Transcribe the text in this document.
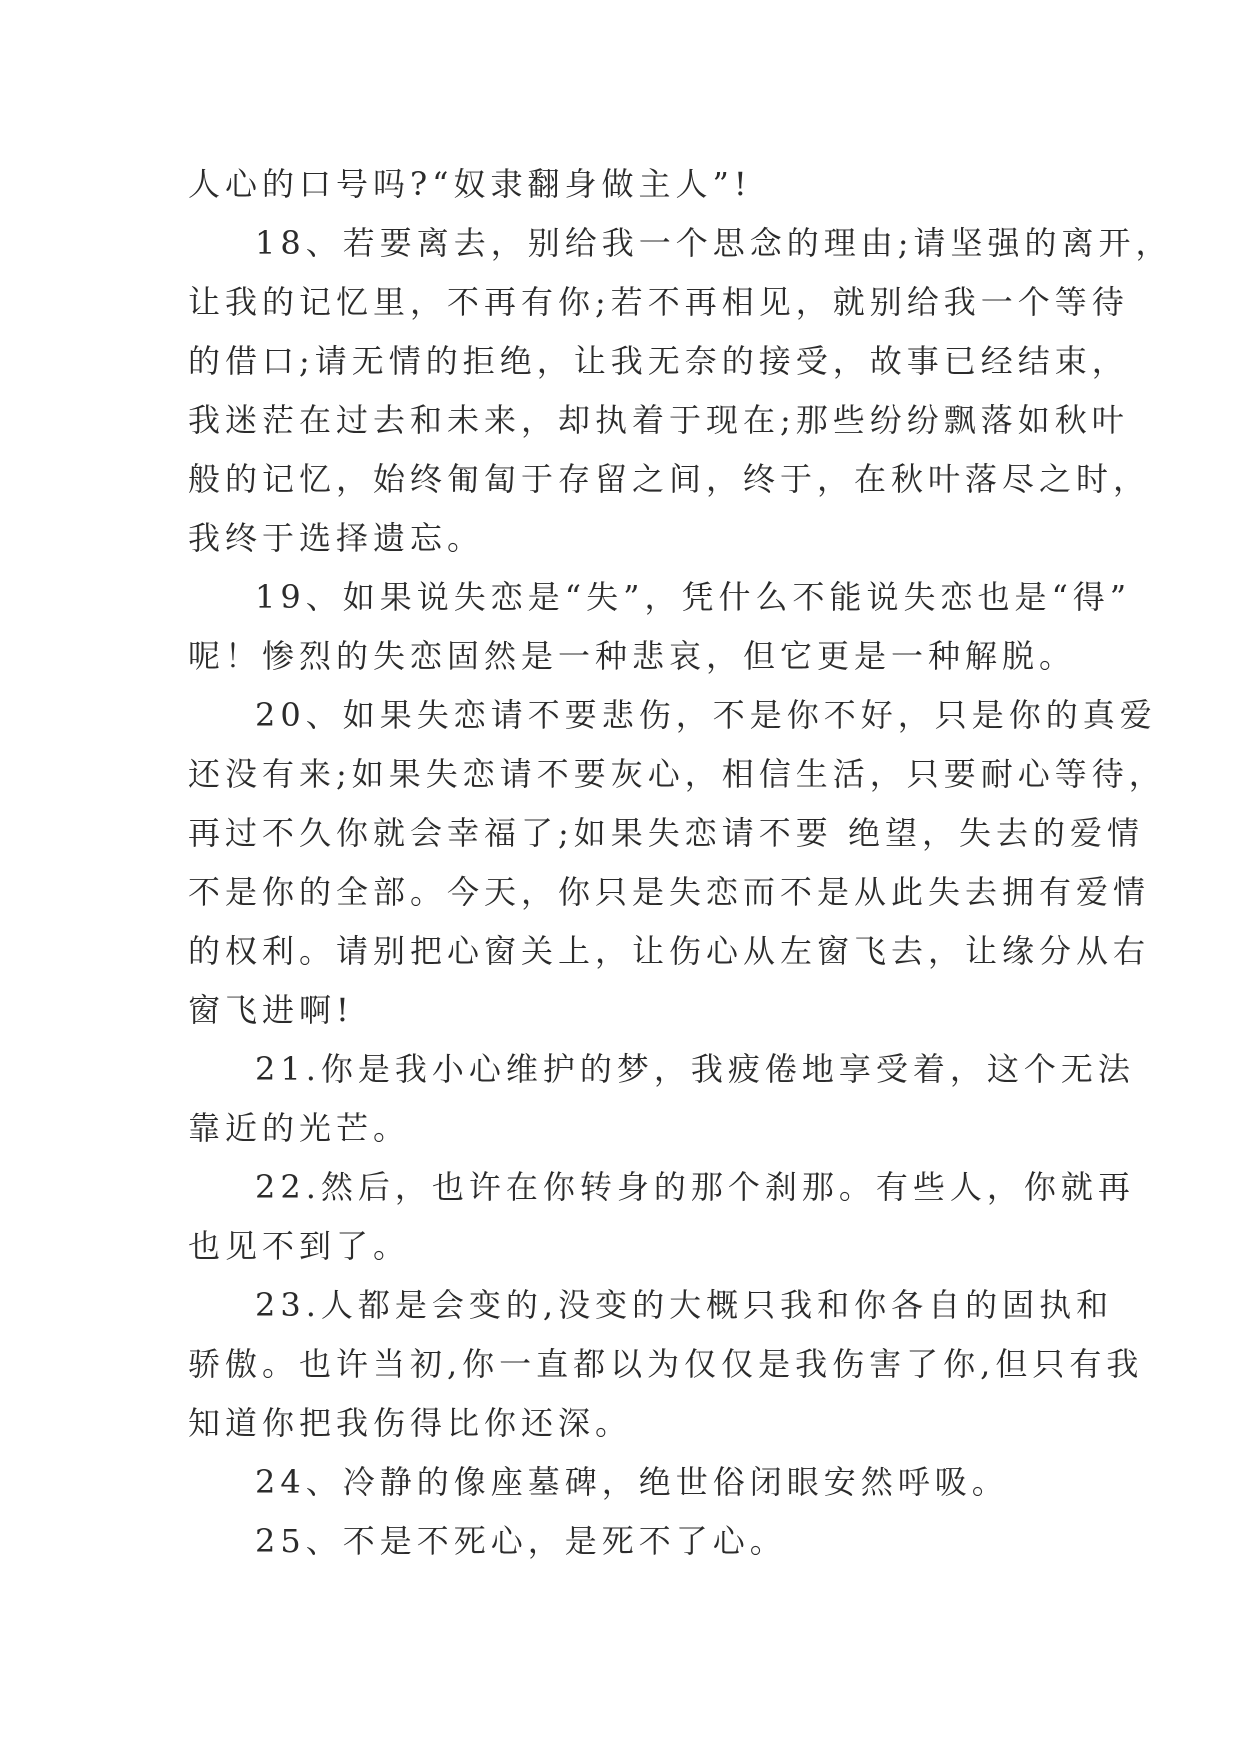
人心的口号吗?“奴隶翻身做主人”!
18、若要离去，别给我一个思念的理由;请坚强的离开，
让我的记忆里，不再有你;若不再相见，就别给我一个等待
的借口;请无情的拒绝，让我无奈的接受，故事已经结束，
我迷茫在过去和未来，却执着于现在;那些纷纷飘落如秋叶
般的记忆，始终匍匐于存留之间，终于，在秋叶落尽之时，
我终于选择遗忘。
19、如果说失恋是“失”，凭什么不能说失恋也是“得”
呢！惨烈的失恋固然是一种悲哀，但它更是一种解脱。
20、如果失恋请不要悲伤，不是你不好，只是你的真爱
还没有来;如果失恋请不要灰心，相信生活，只要耐心等待，
再过不久你就会幸福了;如果失恋请不要 绝望，失去的爱情
不是你的全部。今天，你只是失恋而不是从此失去拥有爱情
的权利。请别把心窗关上，让伤心从左窗飞去，让缘分从右
窗飞进啊!
21.你是我小心维护的梦，我疲倦地享受着，这个无法
靠近的光芒。
22.然后，也许在你转身的那个刹那。有些人，你就再
也见不到了。
23.人都是会变的,没变的大概只我和你各自的固执和
骄傲。也许当初,你一直都以为仅仅是我伤害了你,但只有我
知道你把我伤得比你还深。
24、冷静的像座墓碑，绝世俗闭眼安然呼吸。
25、不是不死心，是死不了心。
